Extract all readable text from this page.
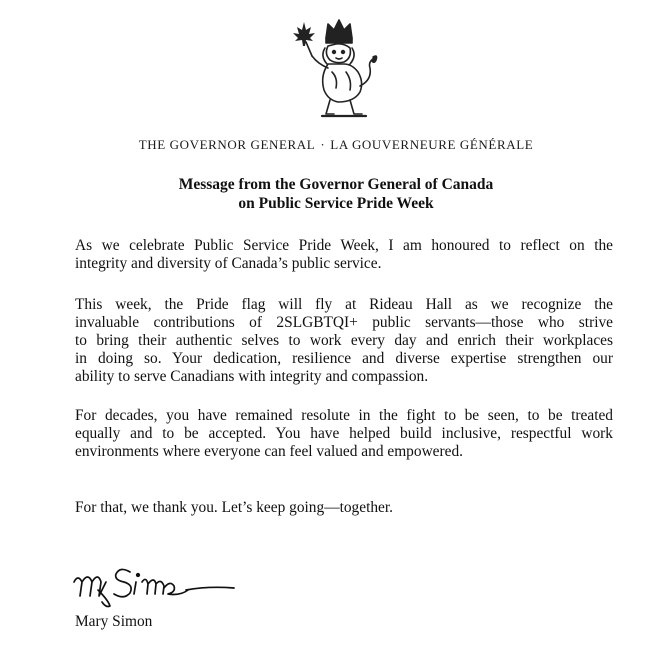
THE GOVERNOR GENERAL · LA GOUVERNEURE GÉNÉRALE
Message from the Governor General of Canada
on Public Service Pride Week
As we celebrate Public Service Pride Week, I am honoured to reflect on the
integrity and diversity of Canada’s public service.
This week, the Pride flag will fly at Rideau Hall as we recognize the
invaluable contributions of 2SLGBTQI+ public servants—those who strive
to bring their authentic selves to work every day and enrich their workplaces
in doing so. Your dedication, resilience and diverse expertise strengthen our
ability to serve Canadians with integrity and compassion.
For decades, you have remained resolute in the fight to be seen, to be treated
equally and to be accepted. You have helped build inclusive, respectful work
environments where everyone can feel valued and empowered.
For that, we thank you. Let’s keep going—together.
Mary Simon
